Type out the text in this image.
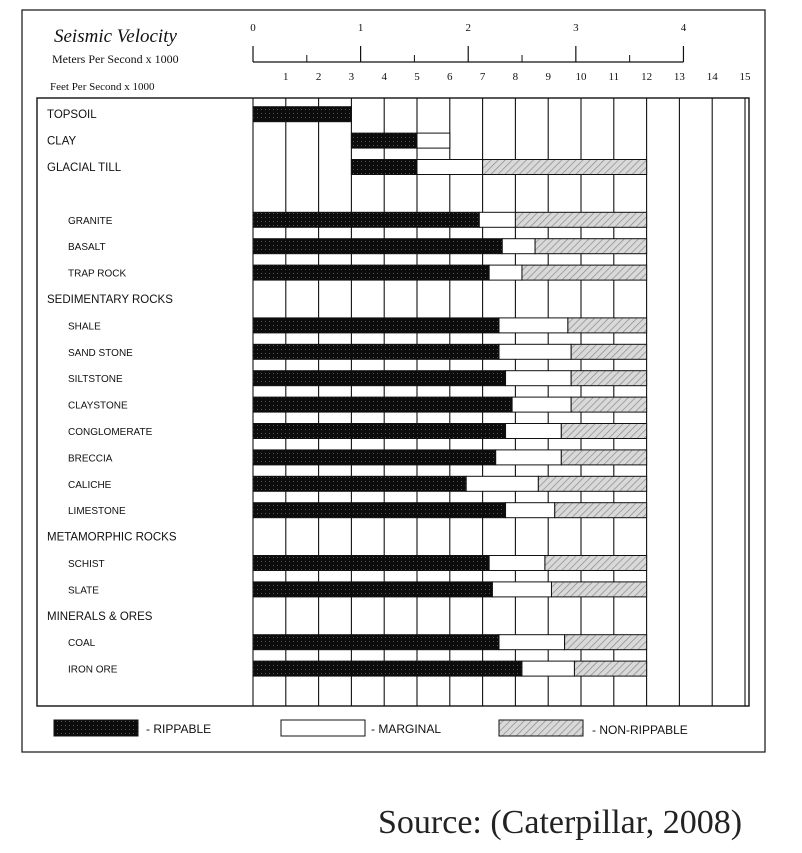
Seismic Velocity
Meters Per Second x 1000
Feet Per Second x 1000
0	1	2	3	4
1 2 3 4 5 6 7 8 9 10 11 12 13 14 15
TOPSOIL
CLAY
GLACIAL TILL
GRANITE
BASALT
TRAP ROCK
SEDIMENTARY ROCKS
SHALE
SAND STONE
SILTSTONE
CLAYSTONE
CONGLOMERATE
BRECCIA
CALICHE
LIMESTONE
METAMORPHIC ROCKS
SCHIST
SLATE
MINERALS & ORES
COAL
IRON ORE
- RIPPABLE	- MARGINAL	- NON-RIPPABLE
Source: (Caterpillar, 2008)
